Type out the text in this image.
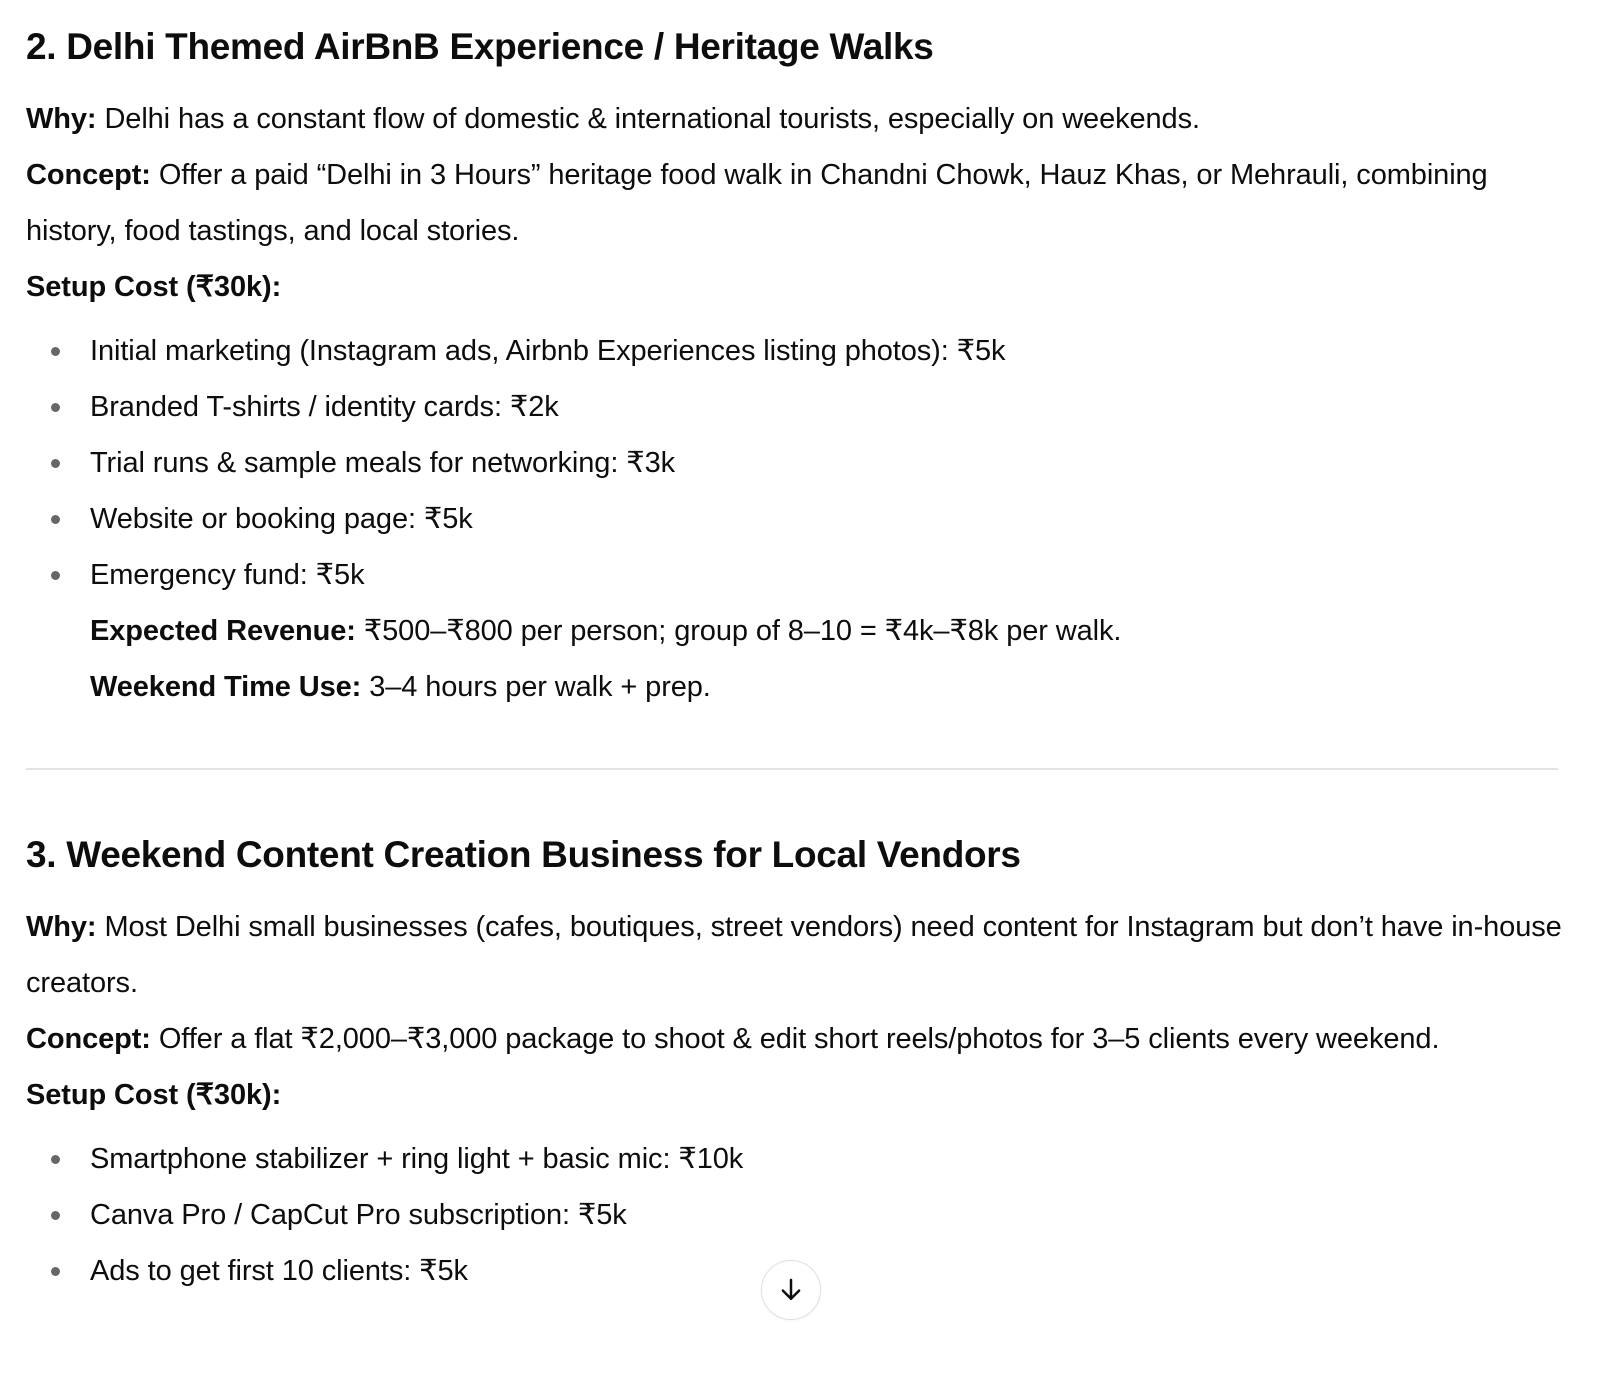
2. Delhi Themed AirBnB Experience / Heritage Walks

Why: Delhi has a constant flow of domestic & international tourists, especially on weekends.

Concept: Offer a paid “Delhi in 3 Hours” heritage food walk in Chandni Chowk, Hauz Khas, or Mehrauli, combining history, food tastings, and local stories.

Setup Cost (₹30k):

Initial marketing (Instagram ads, Airbnb Experiences listing photos): ₹5k
Branded T-shirts / identity cards: ₹2k
Trial runs & sample meals for networking: ₹3k
Website or booking page: ₹5k
Emergency fund: ₹5k

Expected Revenue: ₹500–₹800 per person; group of 8–10 = ₹4k–₹8k per walk.

Weekend Time Use: 3–4 hours per walk + prep.

3. Weekend Content Creation Business for Local Vendors

Why: Most Delhi small businesses (cafes, boutiques, street vendors) need content for Instagram but don’t have in-house creators.

Concept: Offer a flat ₹2,000–₹3,000 package to shoot & edit short reels/photos for 3–5 clients every weekend.

Setup Cost (₹30k):

Smartphone stabilizer + ring light + basic mic: ₹10k
Canva Pro / CapCut Pro subscription: ₹5k
Ads to get first 10 clients: ₹5k
